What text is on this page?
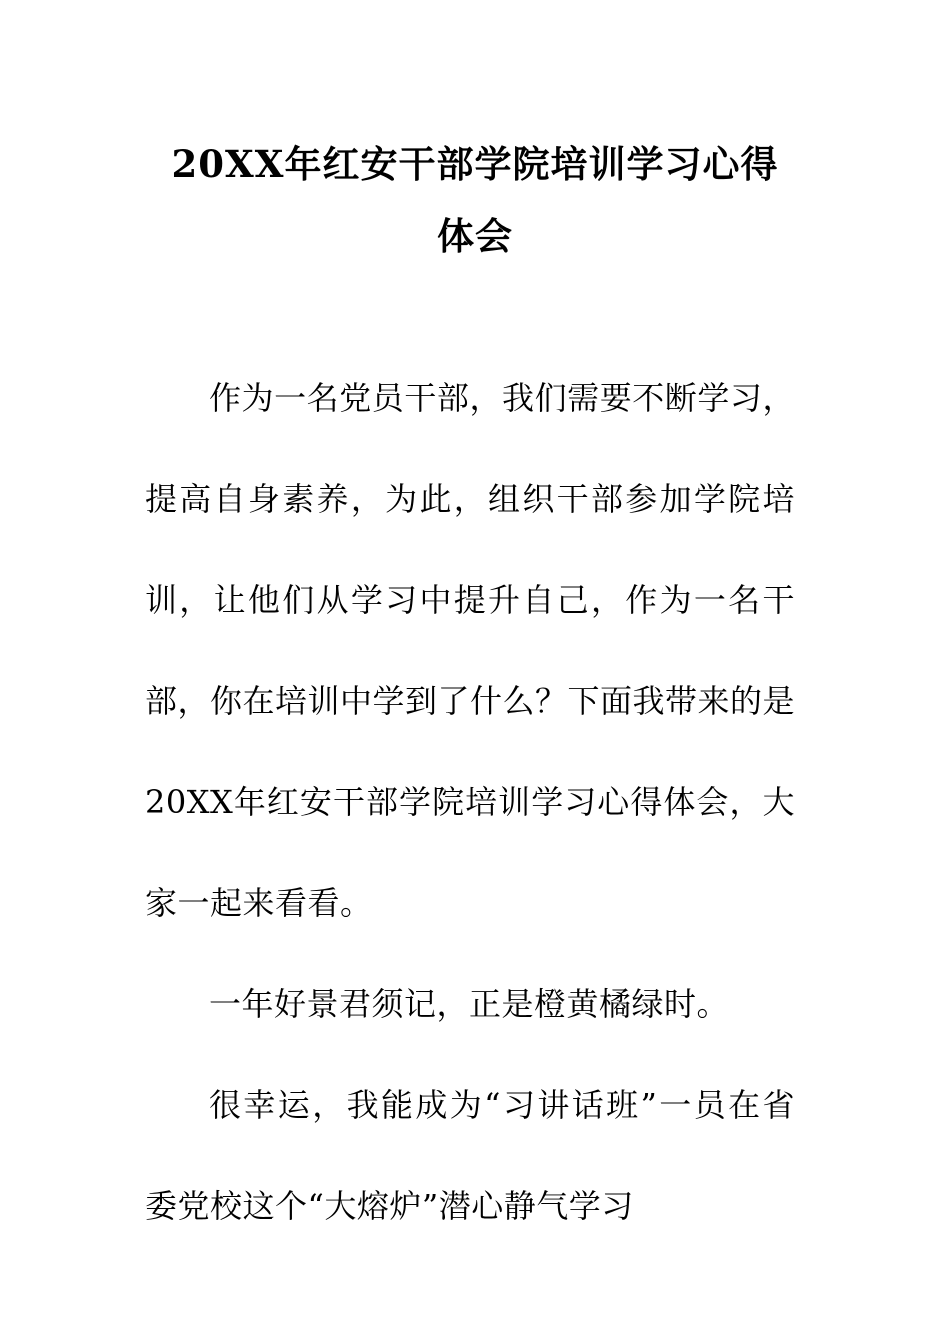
20XX年红安干部学院培训学习心得
体会

作为一名党员干部，我们需要不断学习，提高自身素养，为此，组织干部参加学院培训，让他们从学习中提升自己，作为一名干部，你在培训中学到了什么？下面我带来的是20XX年红安干部学院培训学习心得体会，大家一起来看看。

一年好景君须记，正是橙黄橘绿时。

很幸运，我能成为“习讲话班”一员在省委党校这个“大熔炉”潜心静气学习
